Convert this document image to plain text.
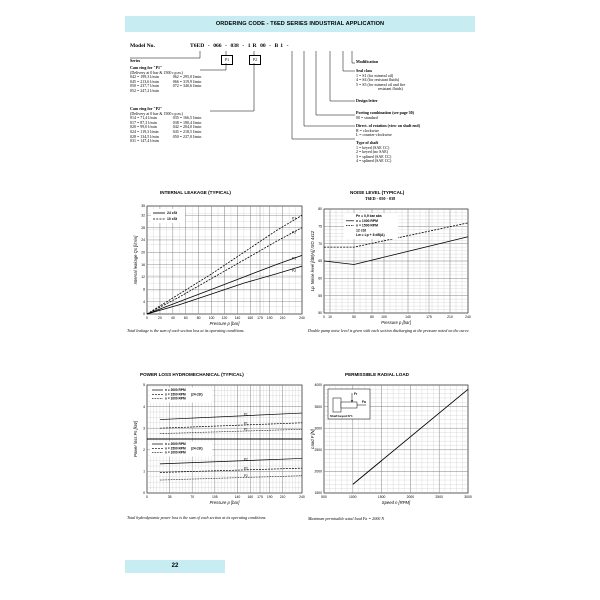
ORDERING CODE - T6ED SERIES INDUSTRIAL APPLICATION
Model No.	T6ED - 066 - 038 - 1 R 00 - B 1 -
P1	P2
Series
Cam ring for "P1"
(Delivery at 0 bar & 1500 r.p.m.)
042 = 199,3 l/min
045 = 213,6 l/min
050 = 237,7 l/min
052 = 247,2 l/min
062 = 295,0 l/min
066 = 319,9 l/min
072 = 340,6 l/min
Cam ring for "P2"
(Delivery at 0 bar & 1500 r.p.m.)
014 = 71,4 l/min
017 = 87,3 l/min
020 = 99,0 l/min
024 = 119,3 l/min
028 = 134,5 l/min
031 = 147,4 l/min
035 = 166,5 l/min
038 = 180,4 l/min
042 = 204,0 l/min
045 = 218,5 l/min
050 = 237,0 l/min
Modification
Seal class
1 = S1 (for mineral oil)
4 = S4 (for resistant fluids)
5 = S5 (for mineral oil and fire
resistant fluids)
Design letter
Porting combination (see page 30)
00 = standard
Direct. of rotation (view on shaft end)
R = clockwise
L = counter-clockwise
Type of shaft
1 = keyed (SAE CC)
2 = keyed (no SAE)
3 = splined (SAE CC)
4 = splined (SAE CC)
INTERNAL LEAKAGE (TYPICAL)
0	20	40	60	80 100 120 140 160 175 190 210	240
0
4
8
12
16
20
24
28
32
35
Pressure p [bar]
Internal leakage Qs [l/min]
P1
P2
P1
P2
24 cSt
10 cSt
Total leakage is the sum of each section loss at its operating conditions.
NOISE LEVEL (TYPICAL)
T6ED - 050 - 038
0 10	50	80 100	140	175	210	240
50
55
60
65
70
75
80
Pressure p [bar]
Lp. Noise level [dB(A)] ISO 4412
Pe = 0,9 bar abs
n = 1000 RPM
n = 1500 RPM
12 cSt
Lw = Lp + 8 dB(A)
Double pump noise level is given with each section discharging at the pressure noted on the curve.
POWER LOSS HYDROMECHANICAL (TYPICAL)
0	35	70	105	140 160 175 190 210	240
0
1
2
3
4
5
Pressure p [bar]
Power loss Ps [kW]
P1
P1
P1
P2
P2
P2
n = 2000 RPM
n = 1500 RPM
n = 1000 RPM
(24 cSt)
n = 2000 RPM
n = 1500 RPM
n = 1000 RPM
(24 cSt)
Total hydrodynamic power loss is the sum of each section at its operating conditions.
PERMISSIBLE RADIAL LOAD
500	1000	1500	2000	2500	3000
1500
2000
2500
3000
3500
4000
Speed n [RPM]
Load F [N]
Fr
Fa
Shaft keyed N°1
Maximum permissible axial load Fa = 2000 N
22
